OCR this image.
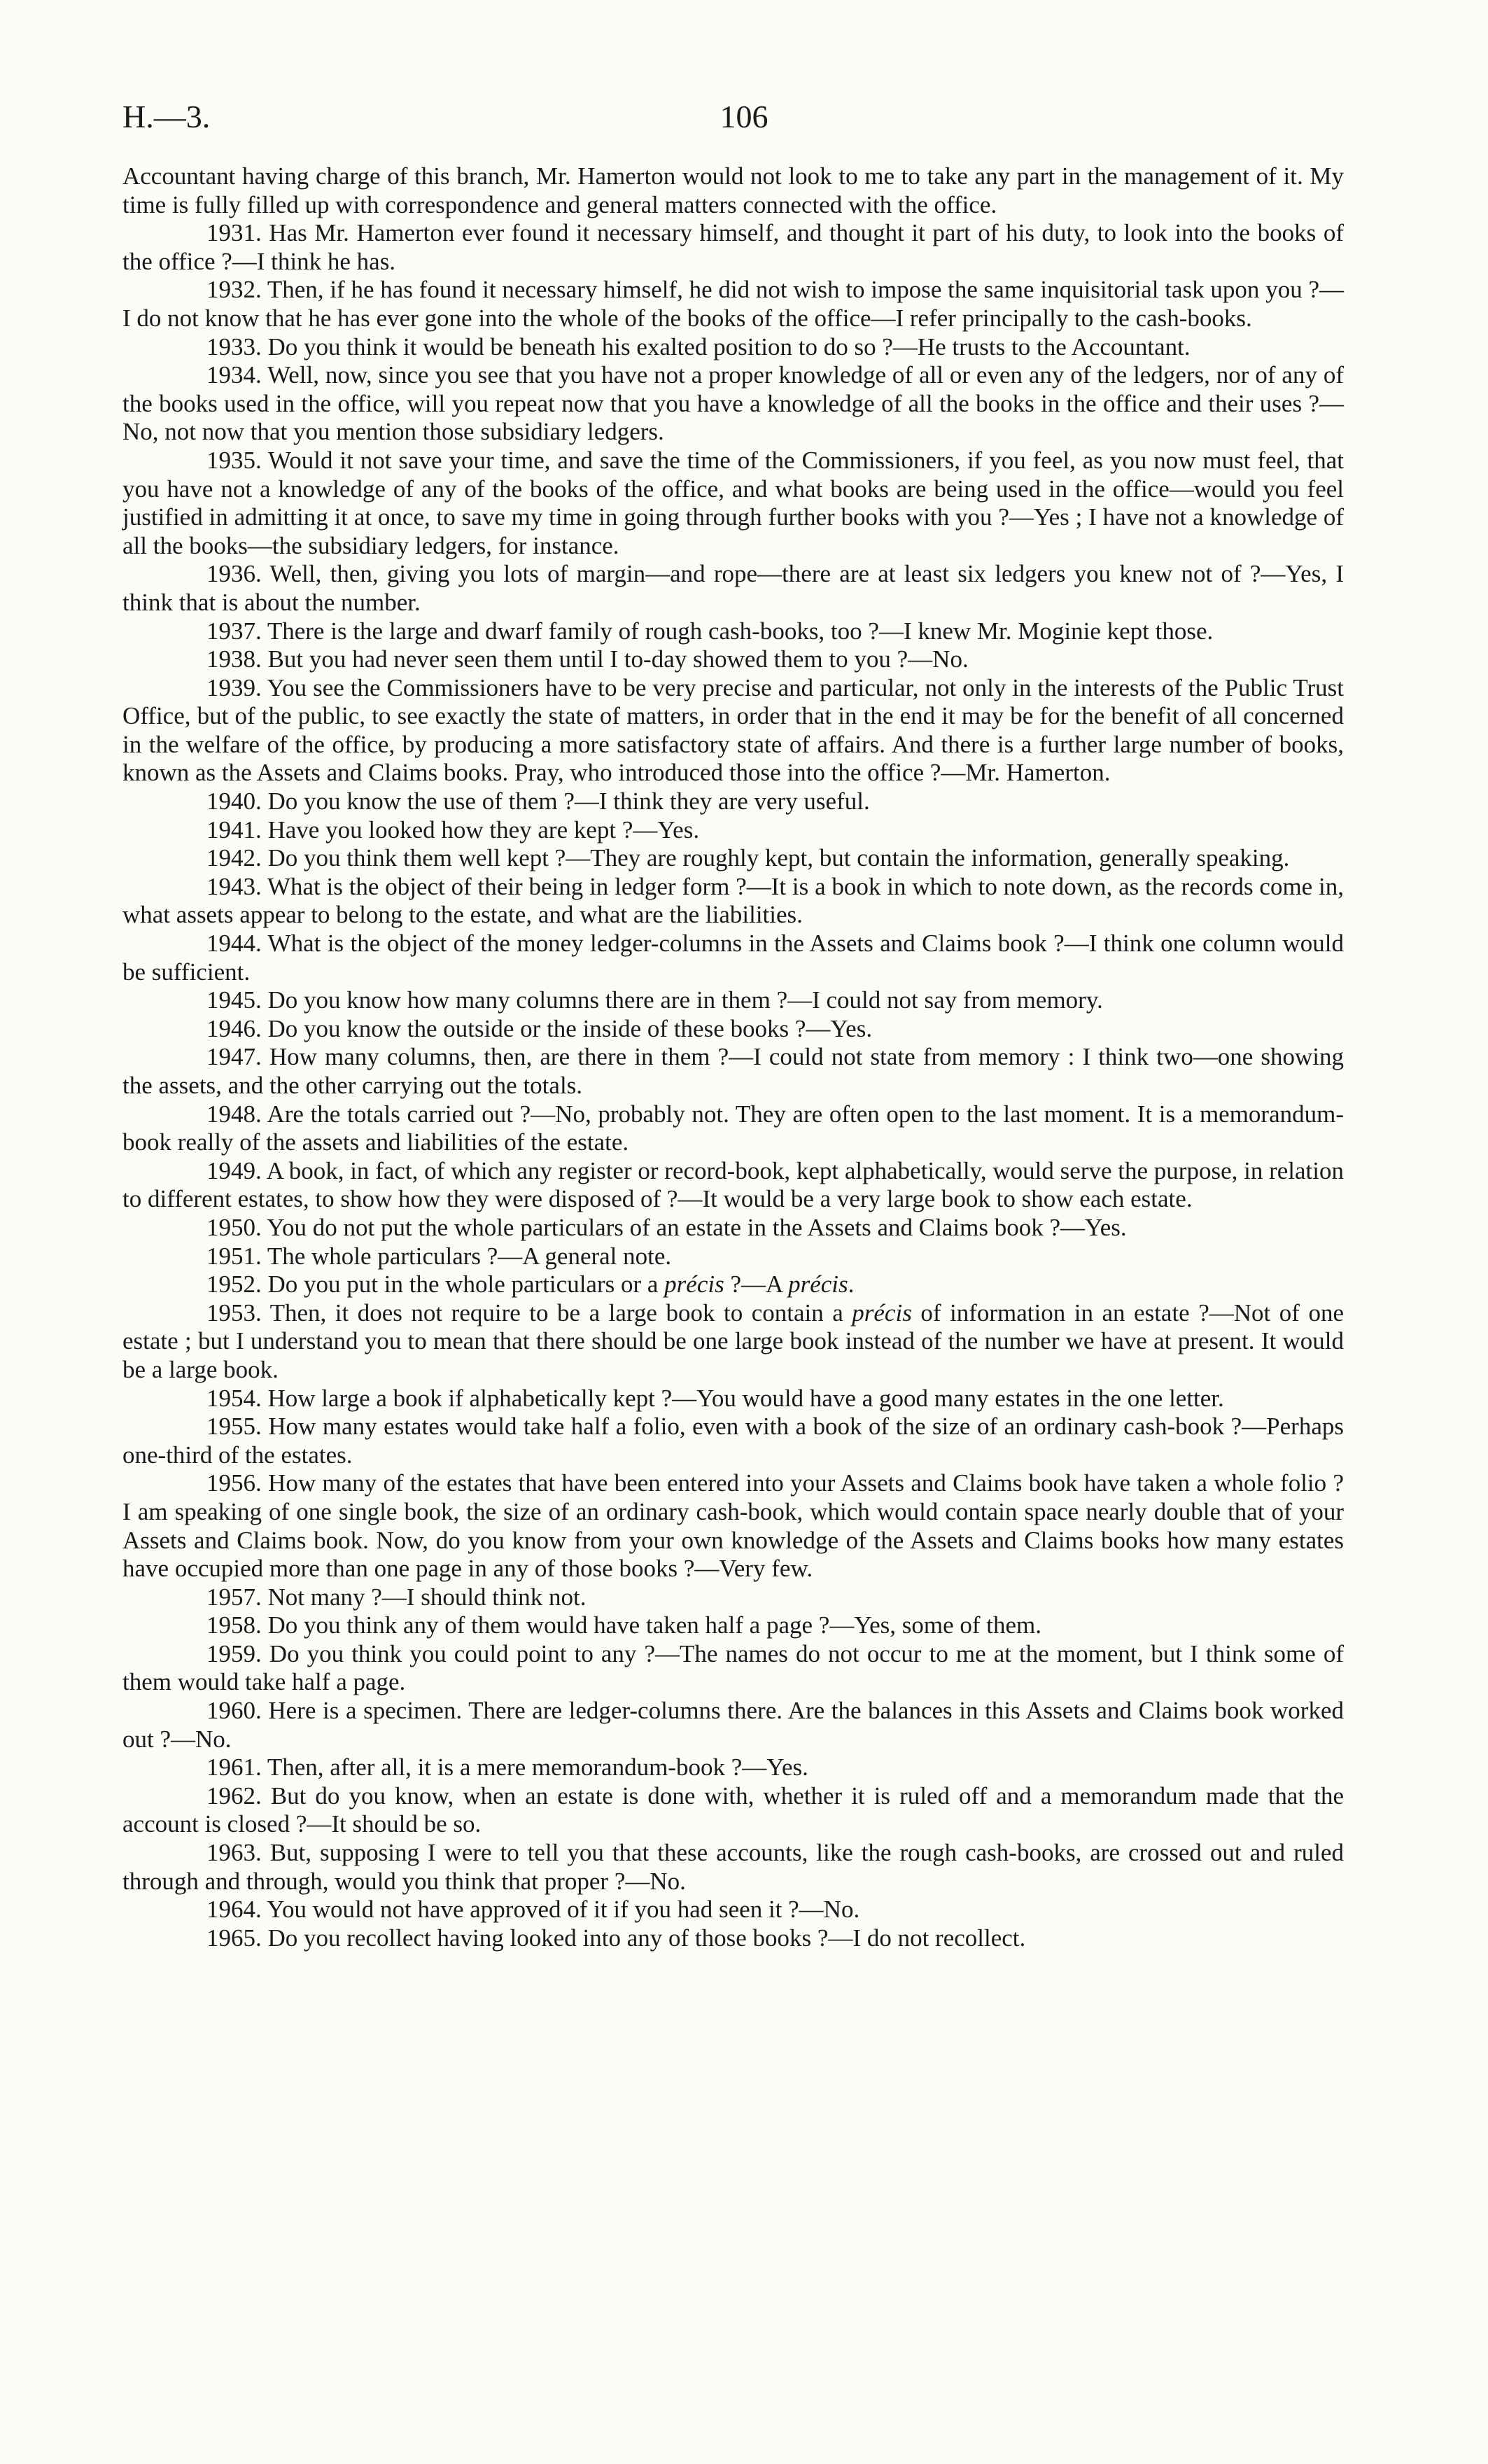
H.—3.	106

Accountant having charge of this branch, Mr. Hamerton would not look to me to take any part in the management of it. My time is fully filled up with correspondence and general matters connected with the office.

1931. Has Mr. Hamerton ever found it necessary himself, and thought it part of his duty, to look into the books of the office ?—I think he has.

1932. Then, if he has found it necessary himself, he did not wish to impose the same inquisitorial task upon you ?—I do not know that he has ever gone into the whole of the books of the office—I refer principally to the cash-books.

1933. Do you think it would be beneath his exalted position to do so ?—He trusts to the Accountant.

1934. Well, now, since you see that you have not a proper knowledge of all or even any of the ledgers, nor of any of the books used in the office, will you repeat now that you have a knowledge of all the books in the office and their uses ?—No, not now that you mention those subsidiary ledgers.

1935. Would it not save your time, and save the time of the Commissioners, if you feel, as you now must feel, that you have not a knowledge of any of the books of the office, and what books are being used in the office—would you feel justified in admitting it at once, to save my time in going through further books with you ?—Yes ; I have not a knowledge of all the books—the subsidiary ledgers, for instance.

1936. Well, then, giving you lots of margin—and rope—there are at least six ledgers you knew not of ?—Yes, I think that is about the number.

1937. There is the large and dwarf family of rough cash-books, too ?—I knew Mr. Moginie kept those.

1938. But you had never seen them until I to-day showed them to you ?—No.

1939. You see the Commissioners have to be very precise and particular, not only in the interests of the Public Trust Office, but of the public, to see exactly the state of matters, in order that in the end it may be for the benefit of all concerned in the welfare of the office, by producing a more satisfactory state of affairs. And there is a further large number of books, known as the Assets and Claims books. Pray, who introduced those into the office ?—Mr. Hamerton.

1940. Do you know the use of them ?—I think they are very useful.

1941. Have you looked how they are kept ?—Yes.

1942. Do you think them well kept ?—They are roughly kept, but contain the information, generally speaking.

1943. What is the object of their being in ledger form ?—It is a book in which to note down, as the records come in, what assets appear to belong to the estate, and what are the liabilities.

1944. What is the object of the money ledger-columns in the Assets and Claims book ?—I think one column would be sufficient.

1945. Do you know how many columns there are in them ?—I could not say from memory.

1946. Do you know the outside or the inside of these books ?—Yes.

1947. How many columns, then, are there in them ?—I could not state from memory : I think two—one showing the assets, and the other carrying out the totals.

1948. Are the totals carried out ?—No, probably not. They are often open to the last moment. It is a memorandum-book really of the assets and liabilities of the estate.

1949. A book, in fact, of which any register or record-book, kept alphabetically, would serve the purpose, in relation to different estates, to show how they were disposed of ?—It would be a very large book to show each estate.

1950. You do not put the whole particulars of an estate in the Assets and Claims book ?—Yes.

1951. The whole particulars ?—A general note.

1952. Do you put in the whole particulars or a précis ?—A précis.

1953. Then, it does not require to be a large book to contain a précis of information in an estate ?—Not of one estate ; but I understand you to mean that there should be one large book instead of the number we have at present. It would be a large book.

1954. How large a book if alphabetically kept ?—You would have a good many estates in the one letter.

1955. How many estates would take half a folio, even with a book of the size of an ordinary cash-book ?—Perhaps one-third of the estates.

1956. How many of the estates that have been entered into your Assets and Claims book have taken a whole folio ? I am speaking of one single book, the size of an ordinary cash-book, which would contain space nearly double that of your Assets and Claims book. Now, do you know from your own knowledge of the Assets and Claims books how many estates have occupied more than one page in any of those books ?—Very few.

1957. Not many ?—I should think not.

1958. Do you think any of them would have taken half a page ?—Yes, some of them.

1959. Do you think you could point to any ?—The names do not occur to me at the moment, but I think some of them would take half a page.

1960. Here is a specimen. There are ledger-columns there. Are the balances in this Assets and Claims book worked out ?—No.

1961. Then, after all, it is a mere memorandum-book ?—Yes.

1962. But do you know, when an estate is done with, whether it is ruled off and a memorandum made that the account is closed ?—It should be so.

1963. But, supposing I were to tell you that these accounts, like the rough cash-books, are crossed out and ruled through and through, would you think that proper ?—No.

1964. You would not have approved of it if you had seen it ?—No.

1965. Do you recollect having looked into any of those books ?—I do not recollect.
